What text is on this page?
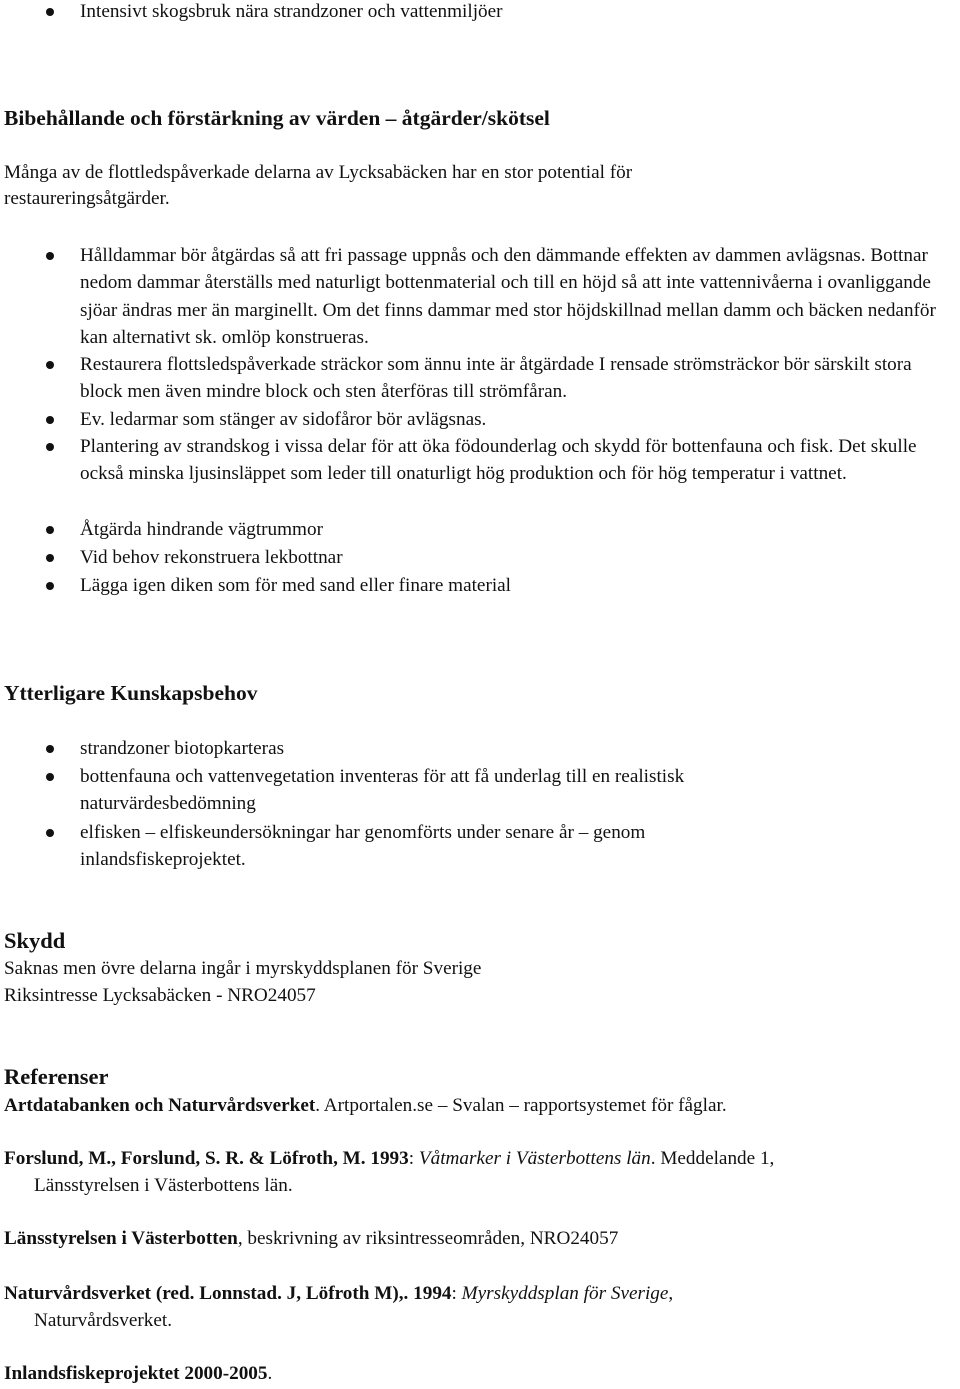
Intensivt skogsbruk nära strandzoner och vattenmiljöer
Bibehållande och förstärkning av värden – åtgärder/skötsel
Många av de flottledspåverkade delarna av Lycksabäcken har en stor potential för
restaureringsåtgärder.
Hålldammar bör åtgärdas så att fri passage uppnås och den dämmande effekten av dammen avlägsnas. Bottnar nedom dammar återställs med naturligt bottenmaterial och till en höjd så att inte vattennivåerna i ovanliggande sjöar ändras mer än marginellt. Om det finns dammar med stor höjdskillnad mellan damm och bäcken nedanför kan alternativt sk. omlöp konstrueras.
Restaurera flottsledspåverkade sträckor som ännu inte är åtgärdade I rensade strömsträckor bör särskilt stora block men även mindre block och sten återföras till strömfåran.
Ev. ledarmar som stänger av sidofåror bör avlägsnas.
Plantering av strandskog i vissa delar för att öka födounderlag och skydd för bottenfauna och fisk. Det skulle också minska ljusinsläppet som leder till onaturligt hög produktion och för hög temperatur i vattnet.
Åtgärda hindrande vägtrummor
Vid behov rekonstruera lekbottnar
Lägga igen diken som för med sand eller finare material
Ytterligare Kunskapsbehov
strandzoner biotopkarteras
bottenfauna och vattenvegetation inventeras för att få underlag till en realistisk naturvärdesbedömning
elfisken – elfiskeundersökningar har genomförts under senare år – genom inlandsfiskeprojektet.
Skydd
Saknas men övre delarna ingår i myrskyddsplanen för Sverige
Riksintresse Lycksabäcken - NRO24057
Referenser
Artdatabanken och Naturvårdsverket. Artportalen.se – Svalan – rapportsystemet för fåglar.
Forslund, M., Forslund, S. R. & Löfroth, M. 1993: Våtmarker i Västerbottens län. Meddelande 1,
Länsstyrelsen i Västerbottens län.
Länsstyrelsen i Västerbotten, beskrivning av riksintresseområden, NRO24057
Naturvårdsverket (red. Lonnstad. J, Löfroth M),. 1994: Myrskyddsplan för Sverige,
Naturvårdsverket.
Inlandsfiskeprojektet 2000-2005.
